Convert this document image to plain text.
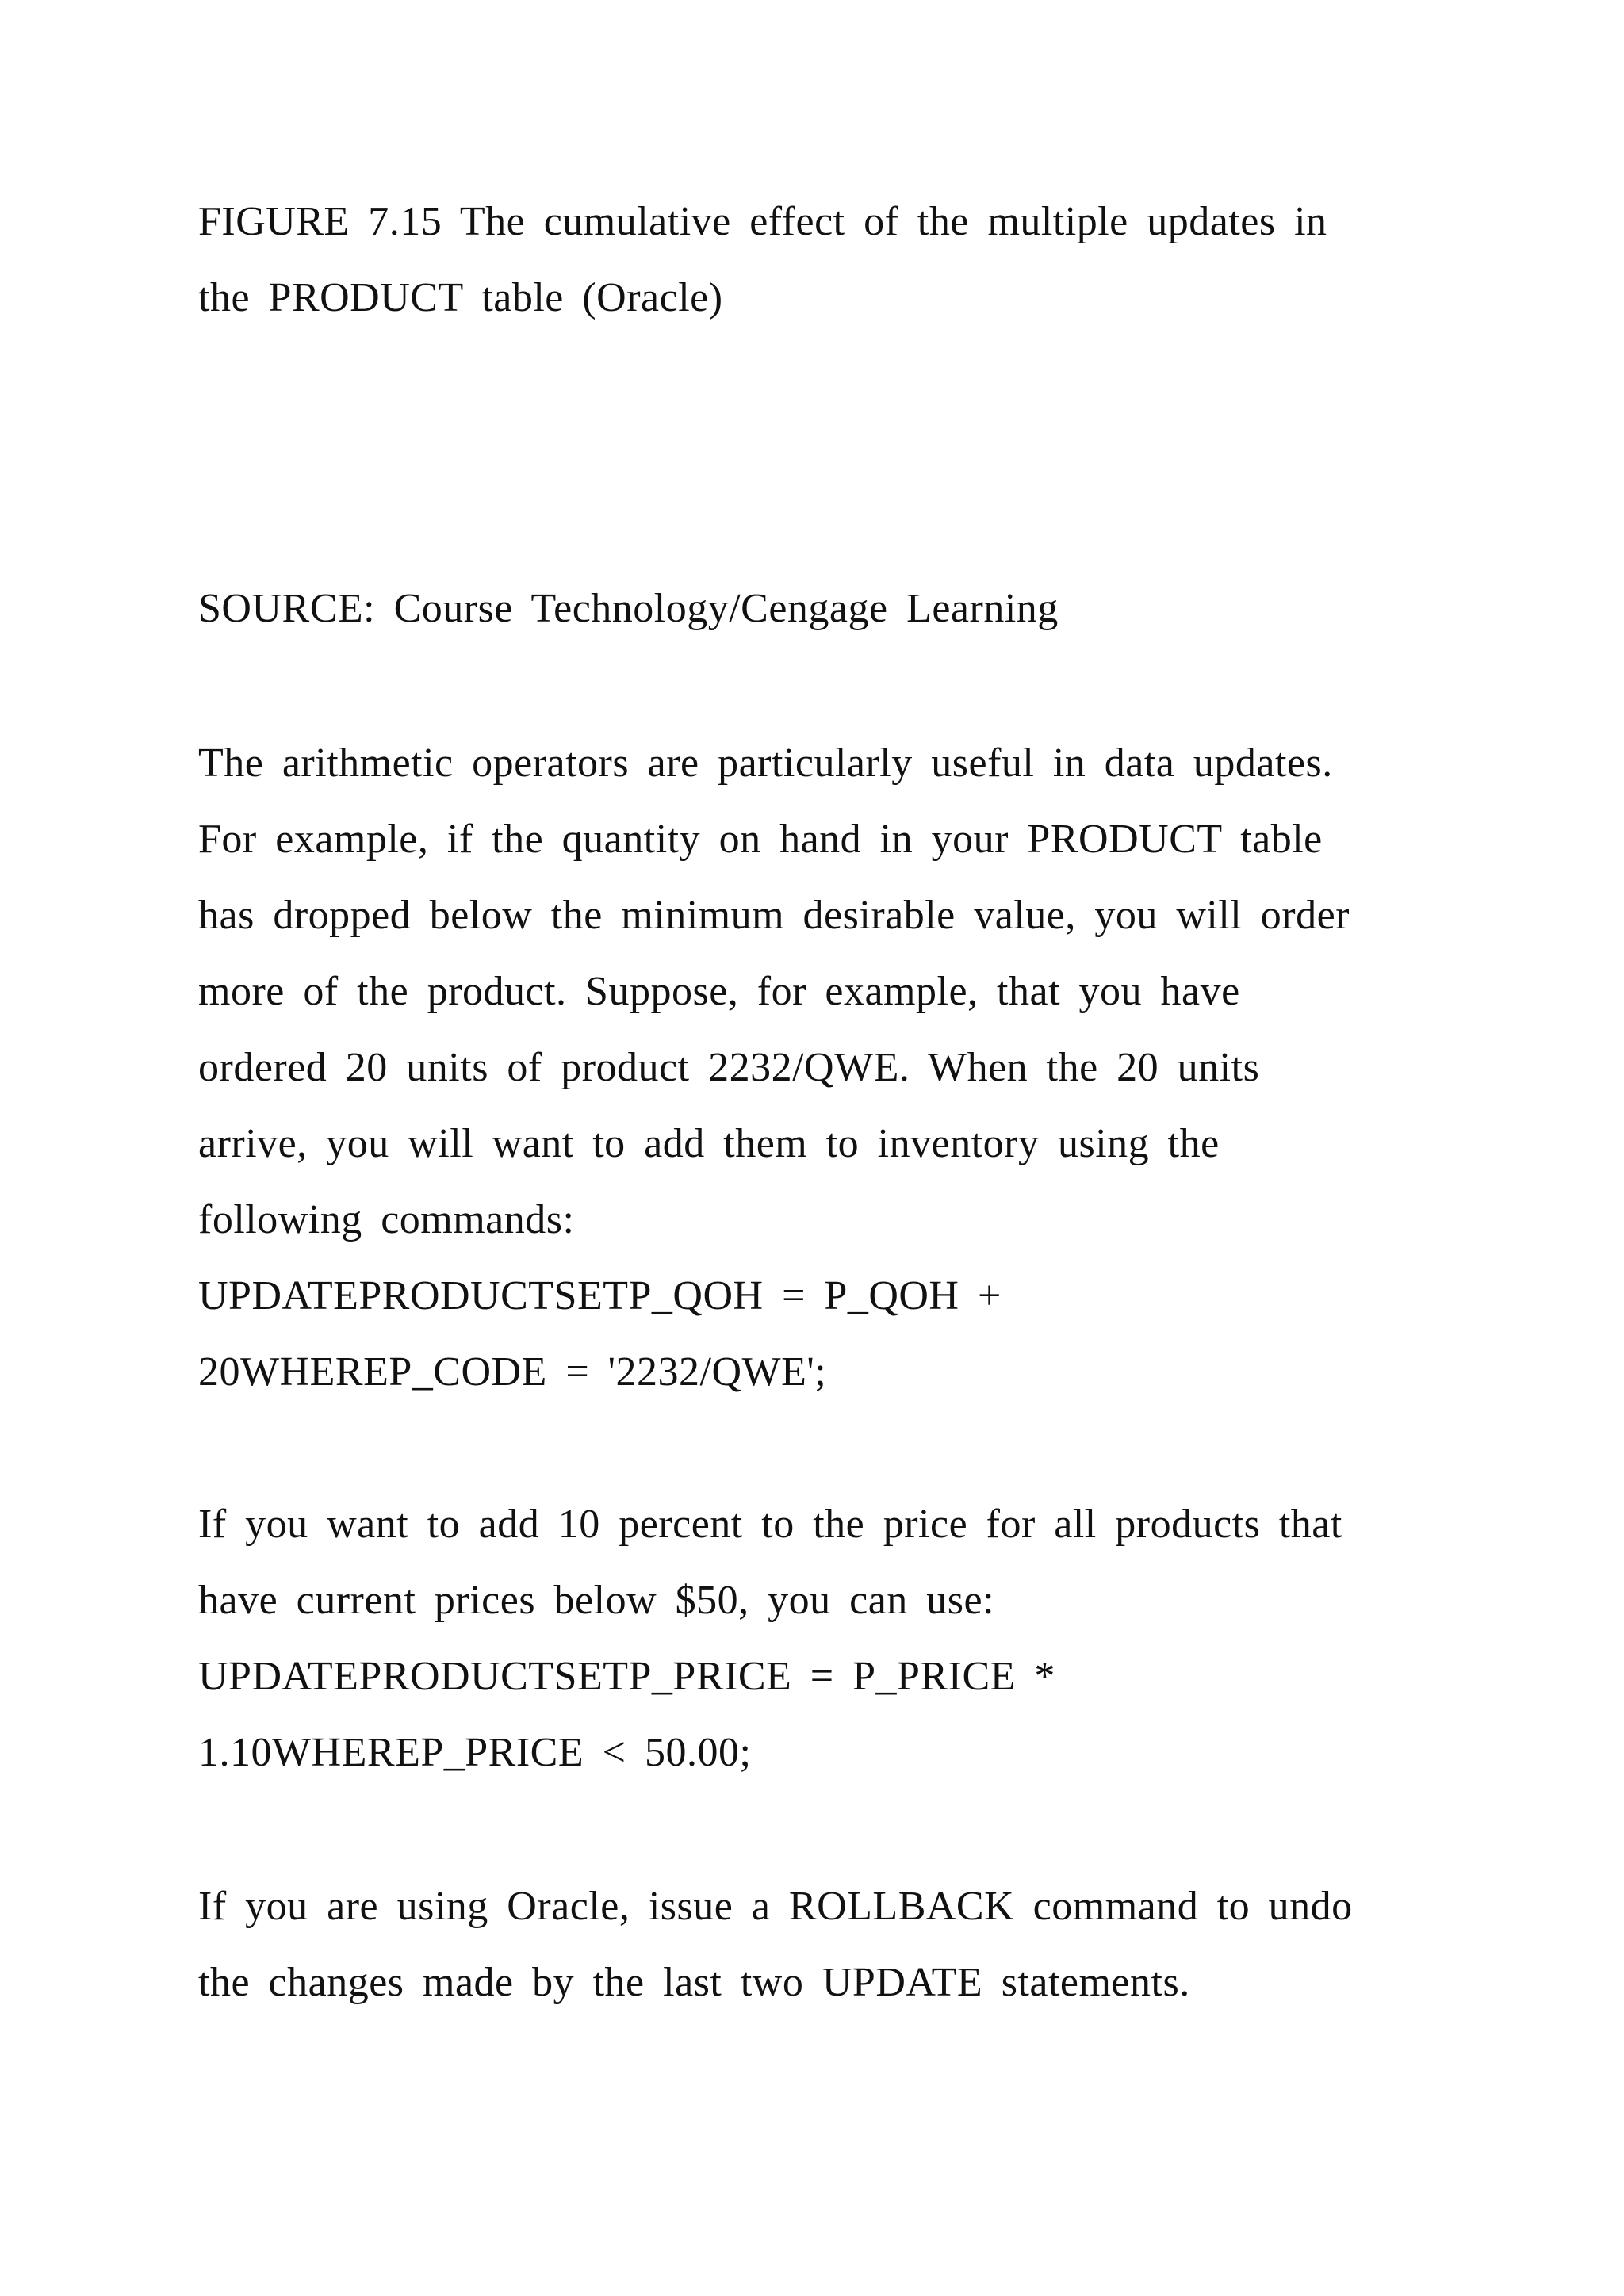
FIGURE 7.15 The cumulative effect of the multiple updates in
the PRODUCT table (Oracle)

SOURCE: Course Technology/Cengage Learning

The arithmetic operators are particularly useful in data updates.
For example, if the quantity on hand in your PRODUCT table
has dropped below the minimum desirable value, you will order
more of the product. Suppose, for example, that you have
ordered 20 units of product 2232/QWE. When the 20 units
arrive, you will want to add them to inventory using the
following commands:
UPDATEPRODUCTSETP_QOH = P_QOH +
20WHEREP_CODE = '2232/QWE';

If you want to add 10 percent to the price for all products that
have current prices below $50, you can use:
UPDATEPRODUCTSETP_PRICE = P_PRICE *
1.10WHEREP_PRICE < 50.00;

If you are using Oracle, issue a ROLLBACK command to undo
the changes made by the last two UPDATE statements.
